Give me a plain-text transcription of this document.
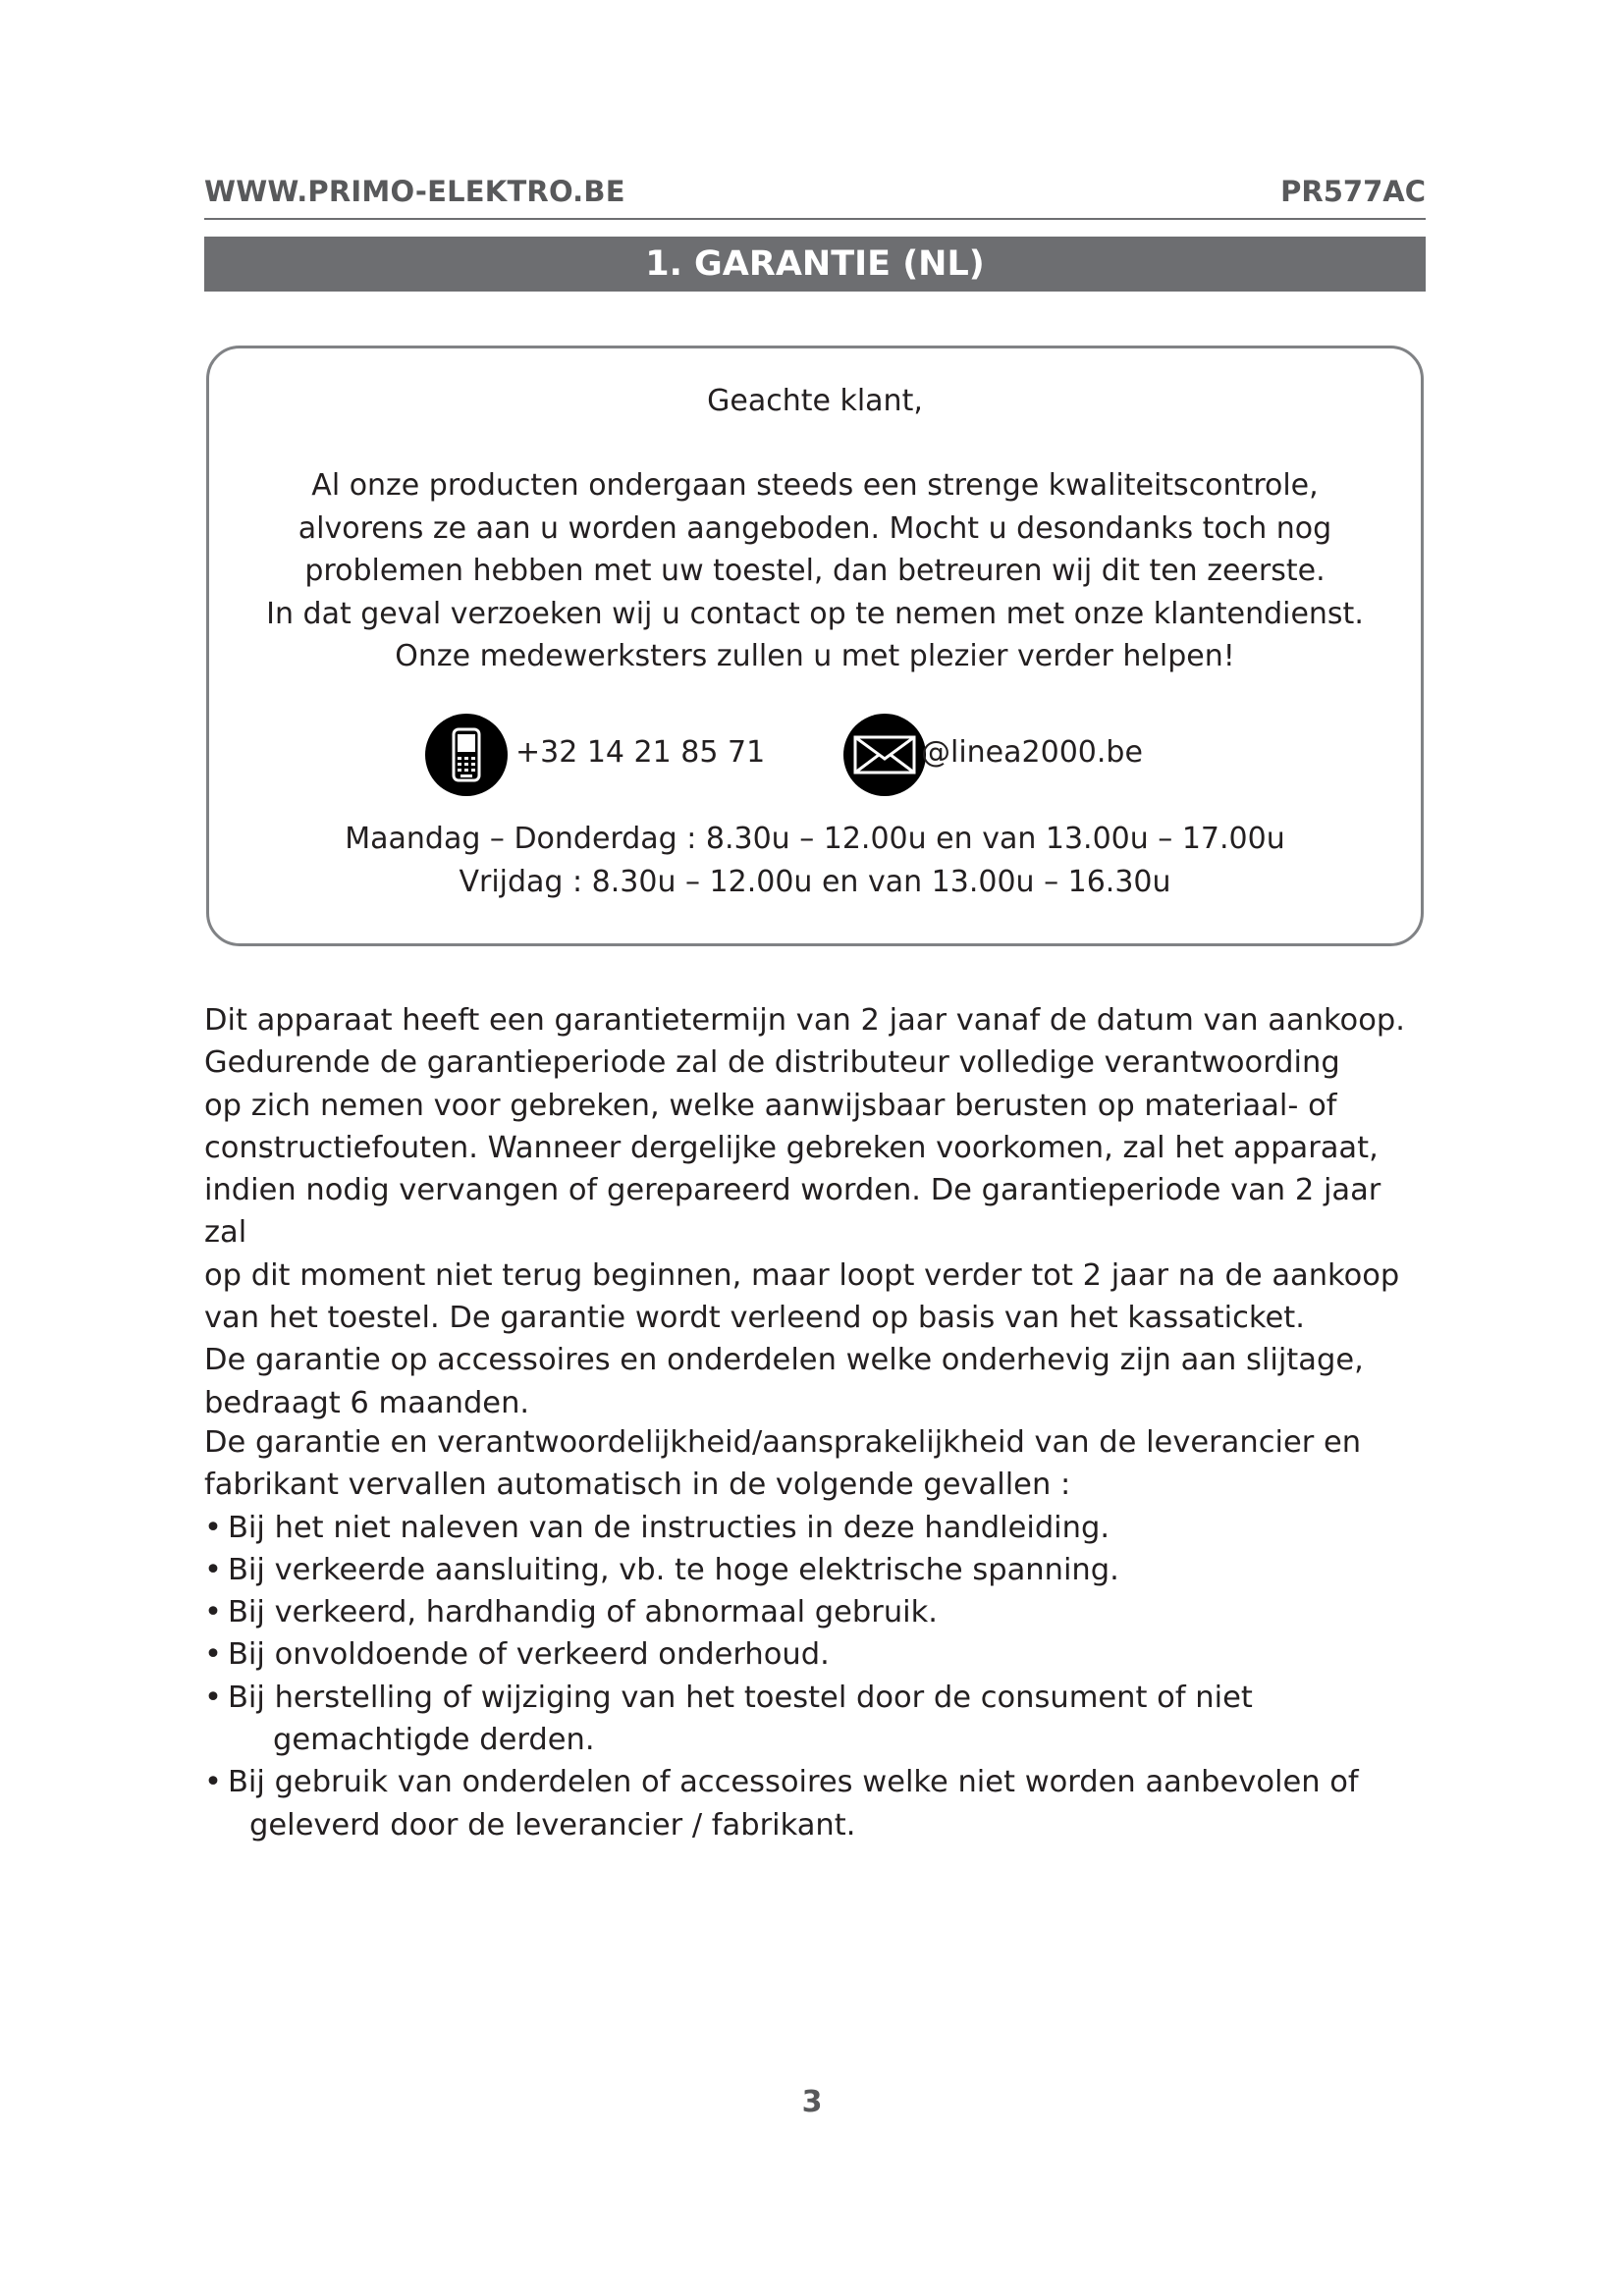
WWW.PRIMO-ELEKTRO.BE	PR577AC
1. GARANTIE (NL)
Geachte klant,

Al onze producten ondergaan steeds een strenge kwaliteitscontrole,

alvorens ze aan u worden aangeboden. Mocht u desondanks toch nog

problemen hebben met uw toestel, dan betreuren wij dit ten zeerste.

In dat geval verzoeken wij u contact op te nemen met onze klantendienst.

Onze medewerksters zullen u met plezier verder helpen!

+32 14 21 85 71	@linea2000.be
Maandag – Donderdag : 8.30u – 12.00u en van 13.00u – 17.00u
Vrijdag : 8.30u – 12.00u en van 13.00u – 16.30u

Dit apparaat heeft een garantietermijn van 2 jaar vanaf de datum van aankoop.

Gedurende de garantieperiode zal de distributeur volledige verantwoording

op zich nemen voor gebreken, welke aanwijsbaar berusten op materiaal- of

constructiefouten. Wanneer dergelijke gebreken voorkomen, zal het apparaat,

indien nodig vervangen of gerepareerd worden. De garantieperiode van 2 jaar zal

op dit moment niet terug beginnen, maar loopt verder tot 2 jaar na de aankoop

van het toestel. De garantie wordt verleend op basis van het kassaticket.

De garantie op accessoires en onderdelen welke onderhevig zijn aan slijtage,

bedraagt 6 maanden.

De garantie en verantwoordelijkheid/aansprakelijkheid van de leverancier en

fabrikant vervallen automatisch in de volgende gevallen :

• Bij het niet naleven van de instructies in deze handleiding.
• Bij verkeerde aansluiting, vb. te hoge elektrische spanning.
• Bij verkeerd, hardhandig of abnormaal gebruik.
• Bij onvoldoende of verkeerd onderhoud.
• Bij herstelling of wijziging van het toestel door de consument of niet
gemachtigde derden.
• Bij gebruik van onderdelen of accessoires welke niet worden aanbevolen of
geleverd door de leverancier / fabrikant.
3
